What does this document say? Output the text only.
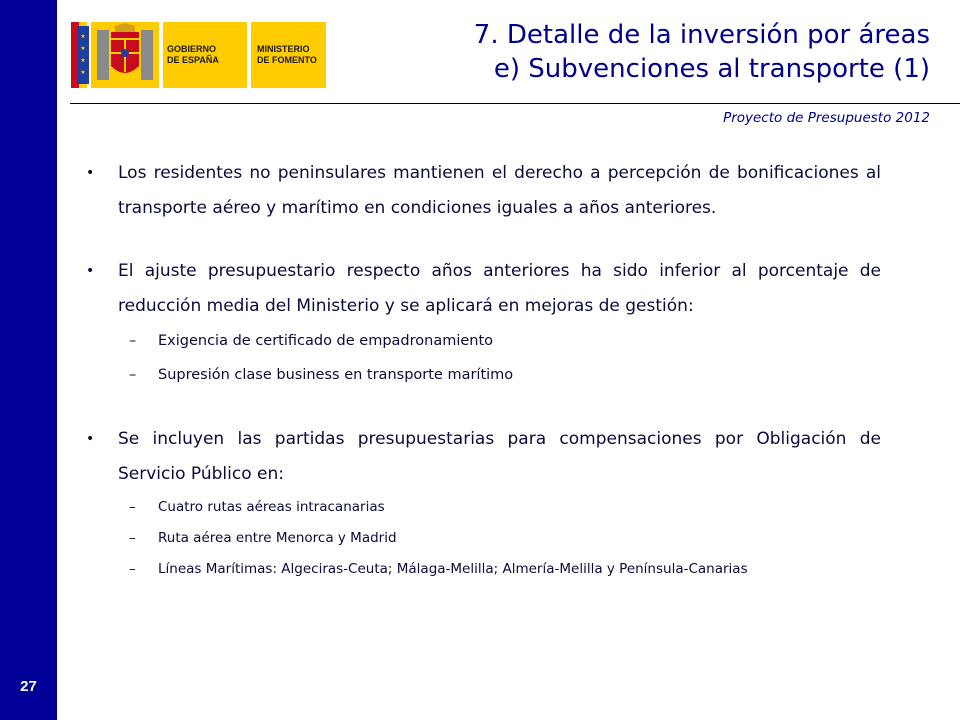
27
★
★
★
★
GOBIERNO
DE ESPAÑA
MINISTERIO
DE FOMENTO
7. Detalle de la inversión por áreas
e) Subvenciones al transporte (1)
Proyecto de Presupuesto 2012
• Los residentes no peninsulares mantienen el derecho a percepción de bonificaciones al transporte aéreo y marítimo en condiciones iguales a años anteriores.
• El ajuste presupuestario respecto años anteriores ha sido inferior al porcentaje de reducción media del Ministerio y se aplicará en mejoras de gestión:
– Exigencia de certificado de empadronamiento
– Supresión clase business en transporte marítimo
• Se incluyen las partidas presupuestarias para compensaciones por Obligación de Servicio Público en:
– Cuatro rutas aéreas intracanarias
– Ruta aérea entre Menorca y Madrid
– Líneas Marítimas: Algeciras-Ceuta; Málaga-Melilla; Almería-Melilla y Península-Canarias
